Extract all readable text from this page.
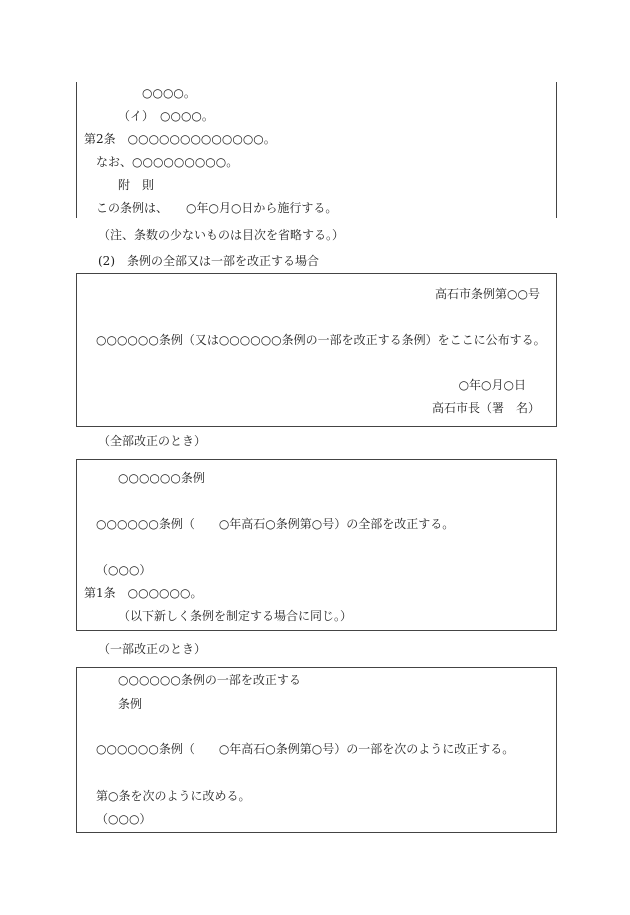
○○○○。
（イ）　○○○○。
第2条　○○○○○○○○○○○○○。
なお、○○○○○○○○○。
附　則
この条例は、　　○年○月○日から施行する。
（注、条数の少ないものは目次を省略する。）
(2)　条例の全部又は一部を改正する場合
高石市条例第○○号
○○○○○○条例（又は○○○○○○条例の一部を改正する条例）をここに公布する。
○年○月○日
高石市長（署　名）
（全部改正のとき）
○○○○○○条例
○○○○○○条例（　　○年高石○条例第○号）の全部を改正する。
（○○○）
第1条　○○○○○○。
（以下新しく条例を制定する場合に同じ。）
（一部改正のとき）
○○○○○○条例の一部を改正する
条例
○○○○○○条例（　　○年高石○条例第○号）の一部を次のように改正する。
第○条を次のように改める。
（○○○）
